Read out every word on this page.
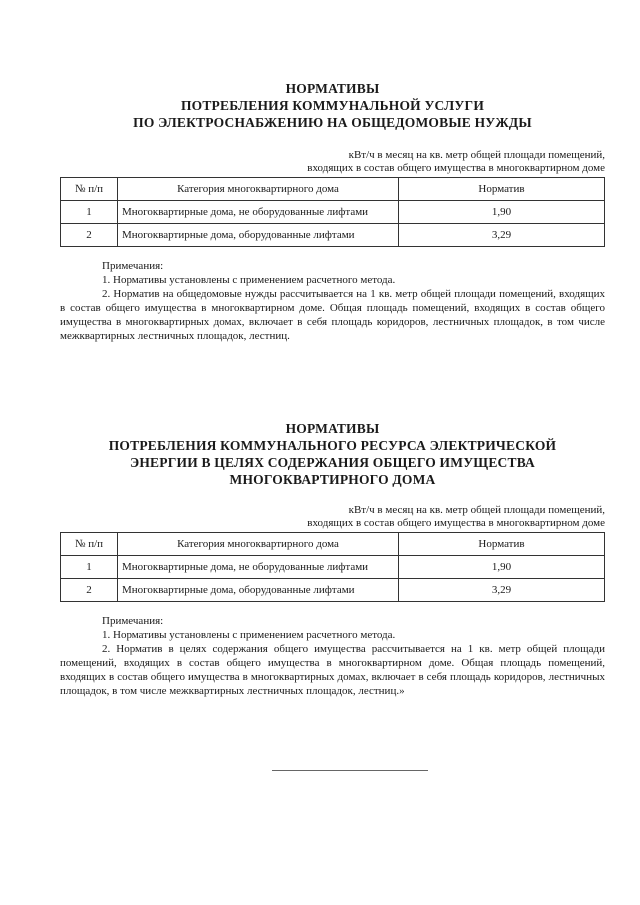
НОРМАТИВЫ
ПОТРЕБЛЕНИЯ КОММУНАЛЬНОЙ УСЛУГИ
ПО ЭЛЕКТРОСНАБЖЕНИЮ НА ОБЩЕДОМОВЫЕ НУЖДЫ
кВт/ч в месяц на кв. метр общей площади помещений,
входящих в состав общего имущества в многоквартирном доме
№ п/п	Категория многоквартирного дома	Норматив
1	Многоквартирные дома, не оборудованные лифтами	1,90
2	Многоквартирные дома, оборудованные лифтами	3,29
Примечания:
1. Нормативы установлены с применением расчетного метода.
2. Норматив на общедомовые нужды рассчитывается на 1 кв. метр общей площади помещений, входящих в состав общего имущества в многоквартирном доме. Общая площадь помещений, входящих в состав общего имущества в многоквартирных домах, включает в себя площадь коридоров, лестничных площадок, в том числе межквартирных лестничных площадок, лестниц.
НОРМАТИВЫ
ПОТРЕБЛЕНИЯ КОММУНАЛЬНОГО РЕСУРСА ЭЛЕКТРИЧЕСКОЙ
ЭНЕРГИИ В ЦЕЛЯХ СОДЕРЖАНИЯ ОБЩЕГО ИМУЩЕСТВА
МНОГОКВАРТИРНОГО ДОМА
кВт/ч в месяц на кв. метр общей площади помещений,
входящих в состав общего имущества в многоквартирном доме
№ п/п	Категория многоквартирного дома	Норматив
1	Многоквартирные дома, не оборудованные лифтами	1,90
2	Многоквартирные дома, оборудованные лифтами	3,29
Примечания:
1. Нормативы установлены с применением расчетного метода.
2. Норматив в целях содержания общего имущества рассчитывается на 1 кв. метр общей площади помещений, входящих в состав общего имущества в многоквартирном доме. Общая площадь помещений, входящих в состав общего имущества в многоквартирных домах, включает в себя площадь коридоров, лестничных площадок, в том числе межквартирных лестничных площадок, лестниц.»
